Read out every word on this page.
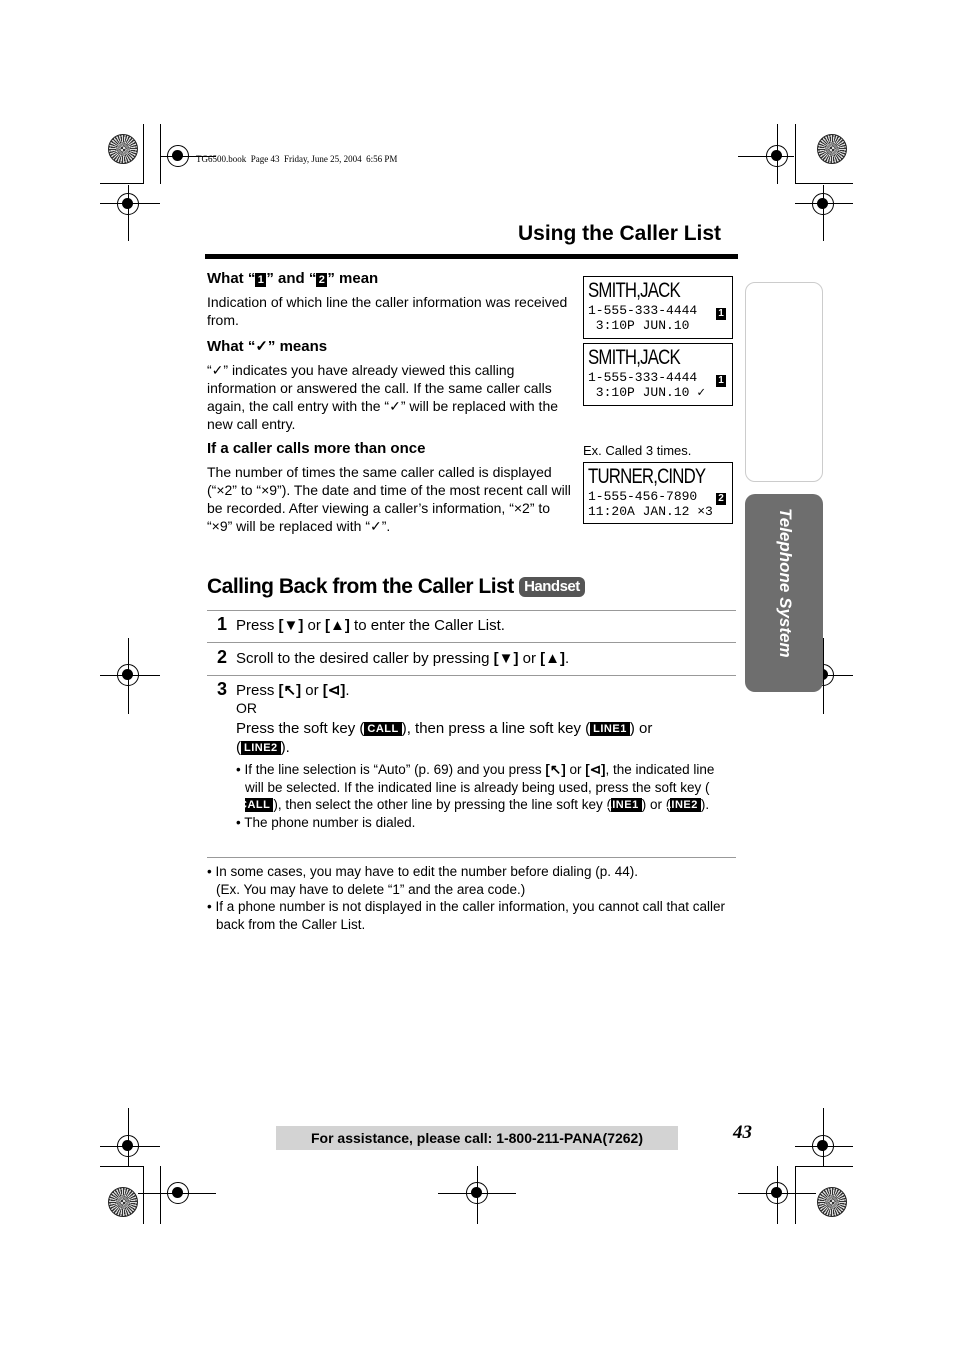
TG6500.book  Page 43  Friday, June 25, 2004  6:56 PM
Using the Caller List
What “ 1 ” and “ 2 ” mean

Indication of which line the caller information was received from.

What “✓” means

“✓” indicates you have already viewed this calling information or answered the call. If the same caller calls again, the call entry with the “✓” will be replaced with the new call entry.

If a caller calls more than once

The number of times the same caller called is displayed (“×2” to “×9”). The date and time of the most recent call will be recorded. After viewing a caller’s information, “×2” to “×9” will be replaced with “✓”.

SMITH,JACK
1-555-333-4444	1
3:10P JUN.10
SMITH,JACK
1-555-333-4444	1
3:10P JUN.10 ✓
Ex. Called 3 times.
TURNER,CINDY
1-555-456-7890	2
11:20A JAN.12 ×3
Calling Back from the Caller List Handset
1 Press [▼] or [▲] to enter the Caller List.
2 Scroll to the desired caller by pressing [▼] or [▲].
3 Press [↖] or [⊲].
OR
Press the soft key ( CALL ), then press a line soft key ( LINE1 ) or
( LINE2 ).
• If the line selection is “Auto” (p. 69) and you press [↖] or [⊲], the indicated line will be selected. If the indicated line is already being used, press the soft key (CALL ), then select the other line by pressing the line soft key (LINE1 ) or (LINE2 ).
• The phone number is dialed.
• In some cases, you may have to edit the number before dialing (p. 44).
(Ex. You may have to delete “1” and the area code.)
• If a phone number is not displayed in the caller information, you cannot call that caller back from the Caller List.
Telephone System
For assistance, please call: 1-800-211-PANA(7262)	43
